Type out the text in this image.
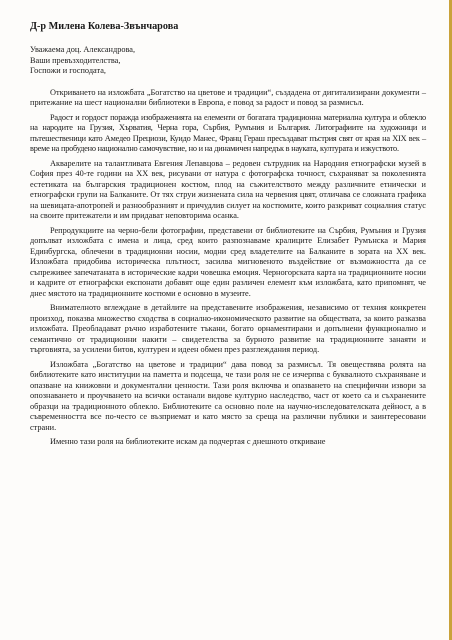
Д-р Милена Колева-Звънчарова

Уважаема доц. Александрова,
Ваши превъзходителства,
Госпожи и господата,

Откриването на изложбата „Богатство на цветове и традиции“, създадена от дигитализирани документи – притежание на шест национални библиотеки в Европа, е повод за радост и повод за размисъл.

Радост и гордост поражда изображенията на елементи от богатата традиционна материална култура и облекло на народите на Грузия, Хърватия, Черна гора, Сърбия, Румъния и България. Литографиите на художници и пътешественици като Амедео Прециози, Куидо Манес, Франц Гераш пресъздават пъстрия свят от края на XIX век – време на пробудено национално самочувствие, но и на динамичен напредък в науката, културата и изкуството.

Акварелите на талантливата Евгения Лепавцова – редовен сътрудник на Народния етнографски музей в София през 40-те години на XX век, рисувани от натура с фотографска точност, съхраняват за поколенията естетиката на българския традиционен костюм, плод на съжителството между различните етнически и етнографски групи на Балканите. От тях струи жизнената сила на червения цвят, отличава се сложната графика на шевицата-апотропей и разнообразният и причудлив силует на костюмите, които разкриват социалния статус на своите притежатели и им придават неповторима осанка.

Репродукциите на черно-бели фотографии, представени от библиотеките на Сърбия, Румъния и Грузия допълват изложбата с имена и лица, сред които разпознаваме кралиците Елизабет Румънска и Мария Единбургска, облечени в традиционни носии, модни сред владетелите на Балканите в зората на XX век. Изложбата придобива историческа плътност, засилва мигновеното въздействие от възможността да се съпреживее запечатаната в исторические кадри човешка емоция. Черногорската карта на традиционните носии и кадрите от етнографски експонати добавят още един различен елемент към изложбата, като припомнят, че днес мястото на традиционните костюми е основно в музеите.

Внимателното вглеждане в детайлите на представените изображения, независимо от техния конкретен произход, показва множество сходства в социално-икономическото развитие на обществата, за които разказва изложбата. Преобладават ръчно изработените тъкани, богато орнаментирани и допълнени функционално и семантично от традиционни накити – свидетелства за бурното развитие на традиционните занаяти и търговията, за усилени битов, културен и идеен обмен през разглеждания период.

Изложбата „Богатство на цветове и традиции“ дава повод за размисъл. Тя овеществява ролята на библиотеките като институции на паметта и подсеща, че тази роля не се изчерпва с буквалното съхраняване и опазване на книжовни и документални ценности. Тази роля включва и опазването на специфични извори за опознаването и проучването на всички останали видове културно наследство, част от което са и съхранените образци на традиционното облекло. Библиотеките са основно поле на научно-изследователската дейност, а в съвременността все по-често се възприемат и като място за среща на различни публики и заинтересовани страни.

Именно тази роля на библиотеките искам да подчертая с днешното откриване
